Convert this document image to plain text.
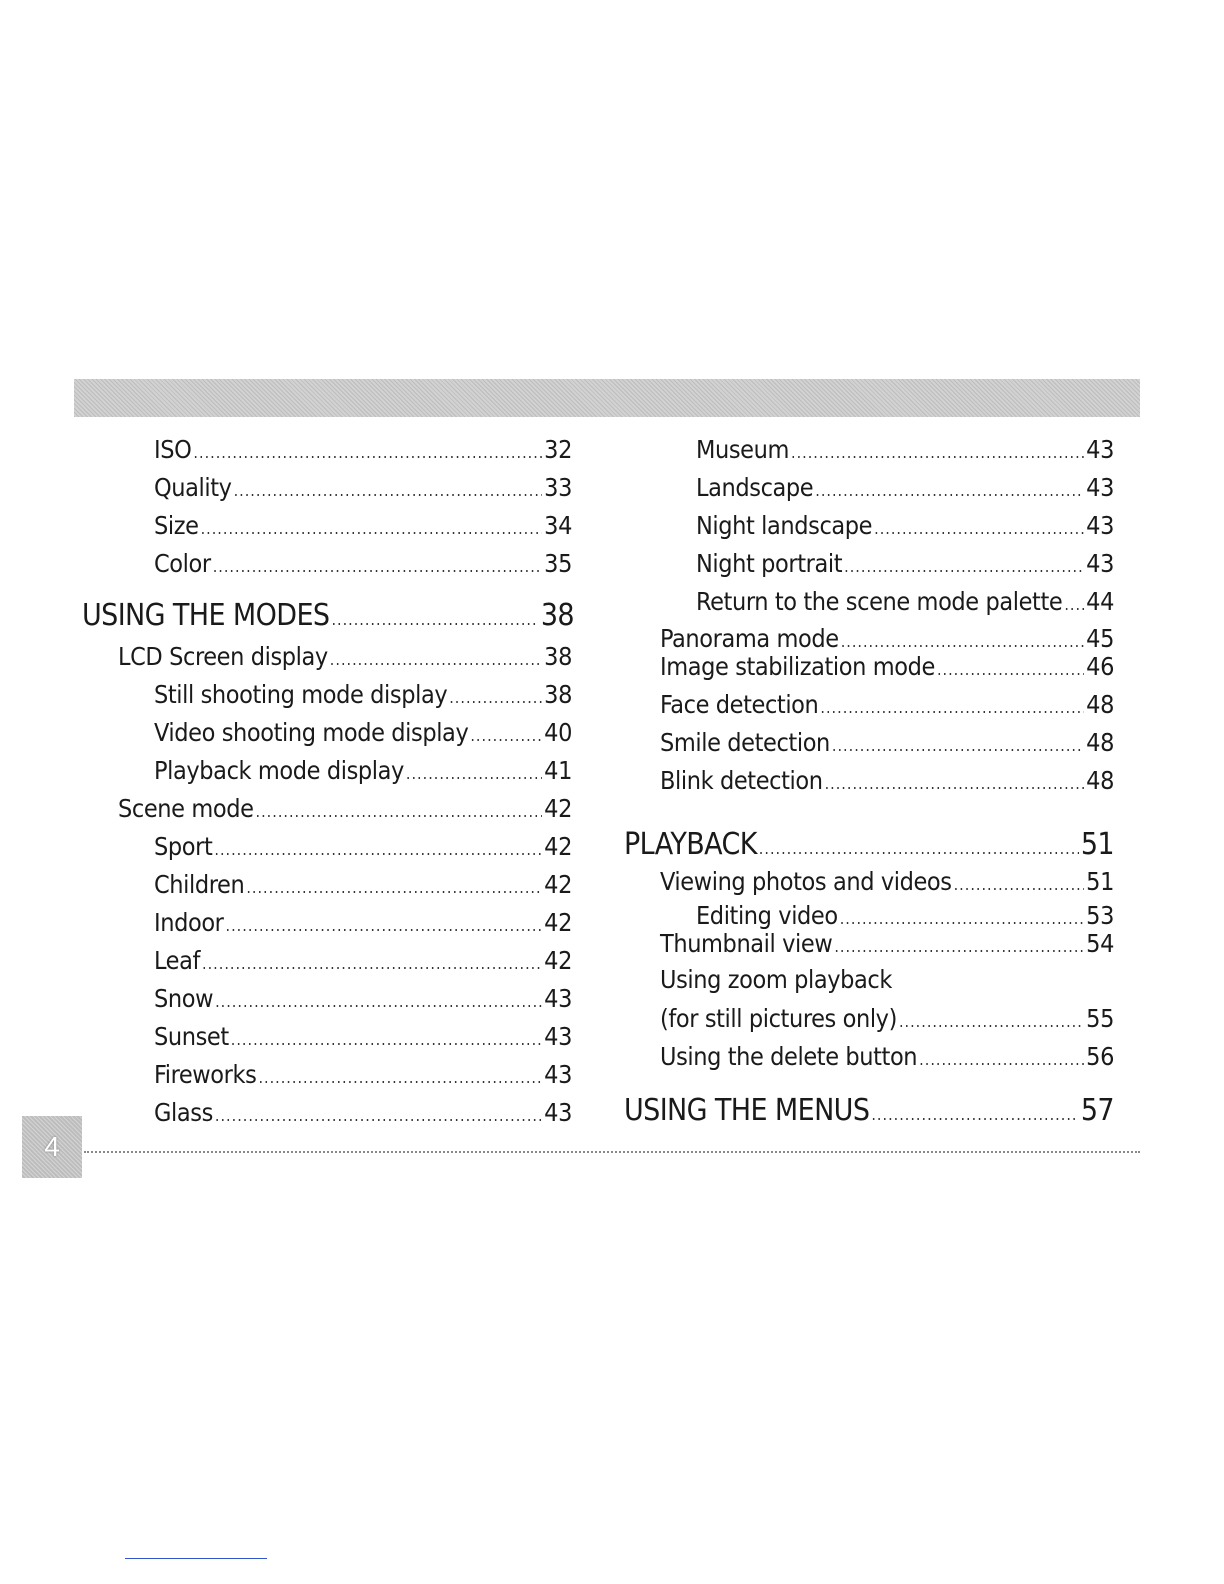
ISO .....	32
Quality .....	33
Size .....	34
Color .....	35
USING THE MODES .....	38
LCD Screen display .....	38
Still shooting mode display .....	38
Video shooting mode display .....	40
Playback mode display .....	41
Scene mode .....	42
Sport .....	42
Children .....	42
Indoor .....	42
Leaf .....	42
Snow .....	43
Sunset .....	43
Fireworks .....	43
Glass .....	43
Museum .....	43
Landscape .....	43
Night landscape .....	43
Night portrait .....	43
Return to the scene mode palette ..... 44
Panorama mode .....	45
Image stabilization mode .....	46
Face detection .....	48
Smile detection .....	48
Blink detection .....	48
PLAYBACK .....	51
Viewing photos and videos .....	51
Editing video .....	53
Thumbnail view .....	54
Using zoom playback
(for still pictures only) .....	55
Using the delete button .....	56
USING THE MENUS .....	57
4
